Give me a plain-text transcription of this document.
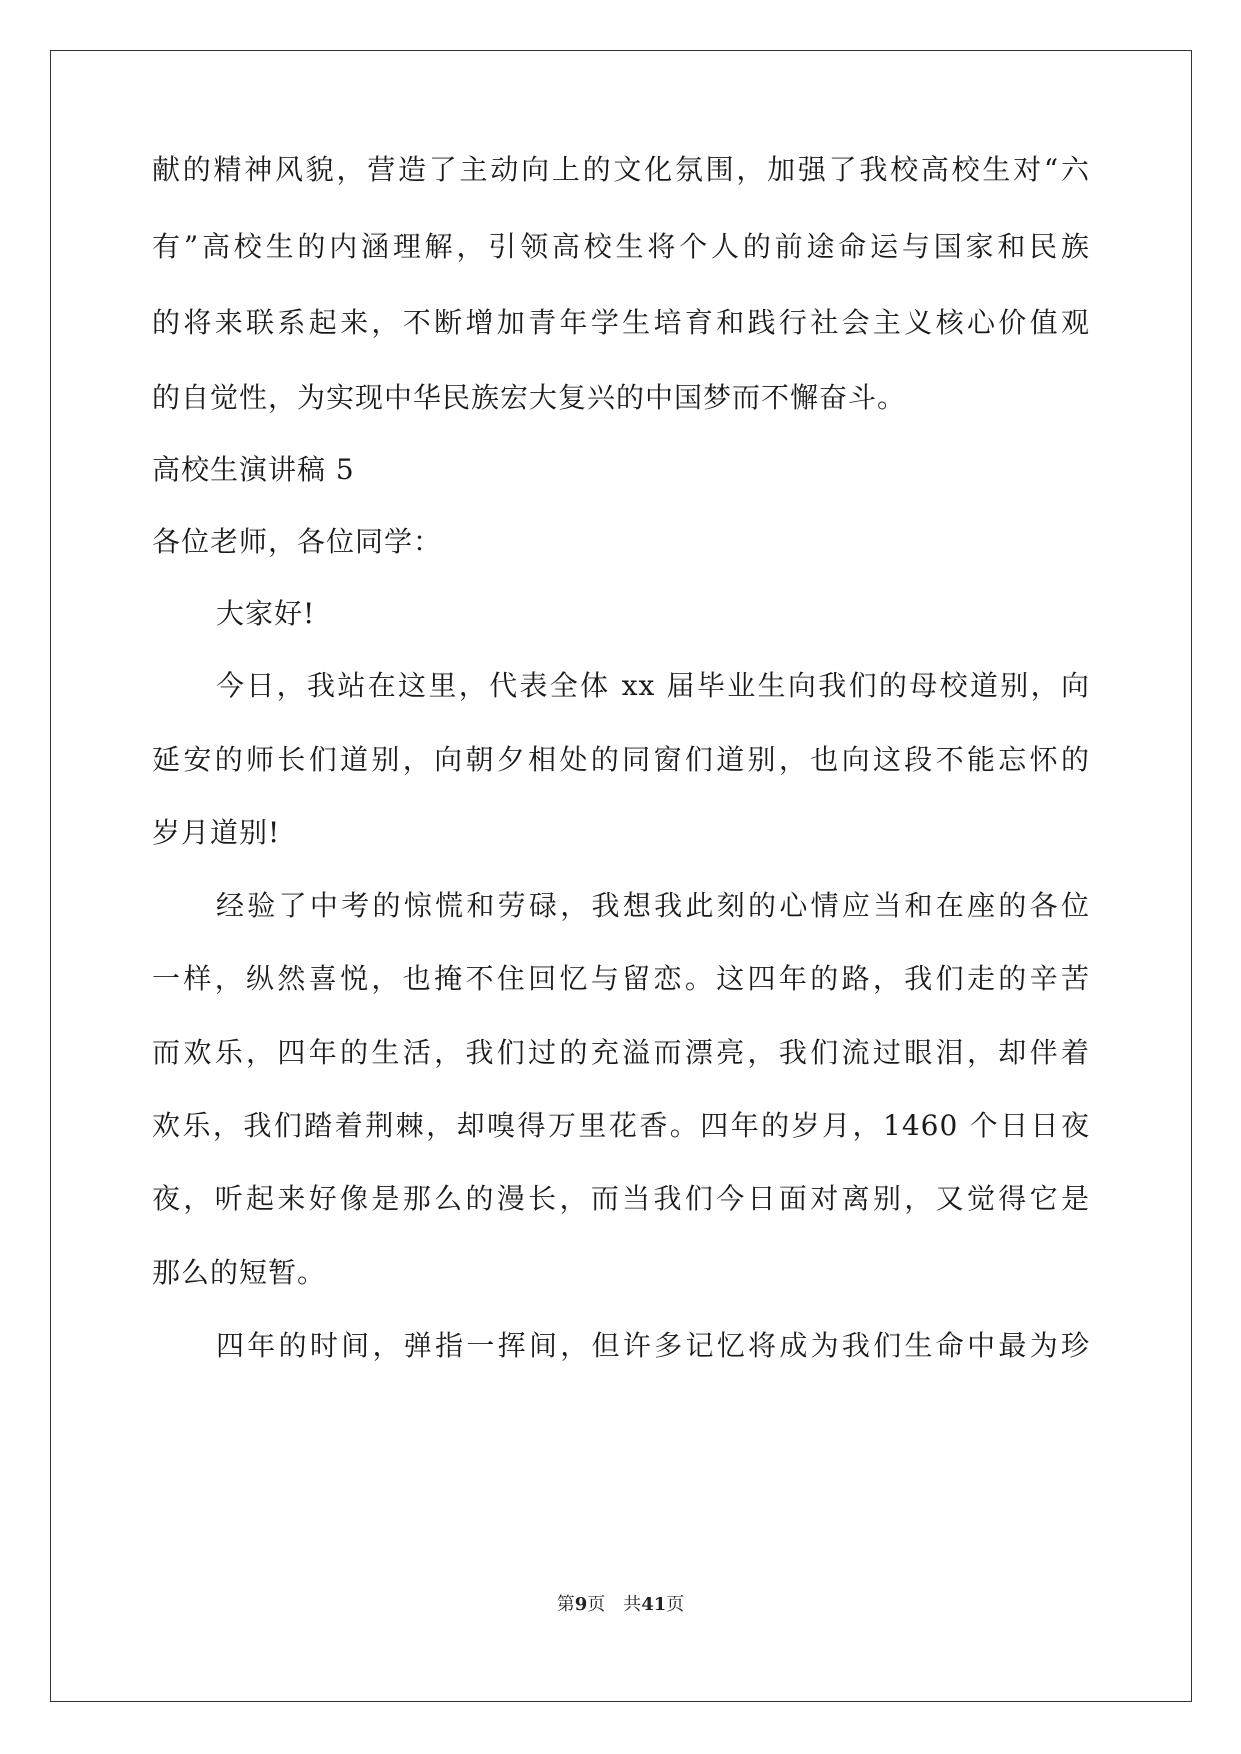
献的精神风貌，营造了主动向上的文化氛围，加强了我校高校生对“六
有”高校生的内涵理解，引领高校生将个人的前途命运与国家和民族
的将来联系起来，不断增加青年学生培育和践行社会主义核心价值观
的自觉性，为实现中华民族宏大复兴的中国梦而不懈奋斗。
高校生演讲稿 5
各位老师，各位同学：
大家好!
今日，我站在这里，代表全体 xx 届毕业生向我们的母校道别，向
延安的师长们道别，向朝夕相处的同窗们道别，也向这段不能忘怀的
岁月道别!
经验了中考的惊慌和劳碌，我想我此刻的心情应当和在座的各位
一样，纵然喜悦，也掩不住回忆与留恋。这四年的路，我们走的辛苦
而欢乐，四年的生活，我们过的充溢而漂亮，我们流过眼泪，却伴着
欢乐，我们踏着荆棘，却嗅得万里花香。四年的岁月，1460 个日日夜
夜，听起来好像是那么的漫长，而当我们今日面对离别，又觉得它是
那么的短暂。
四年的时间，弹指一挥间，但许多记忆将成为我们生命中最为珍
第9页　共41页
